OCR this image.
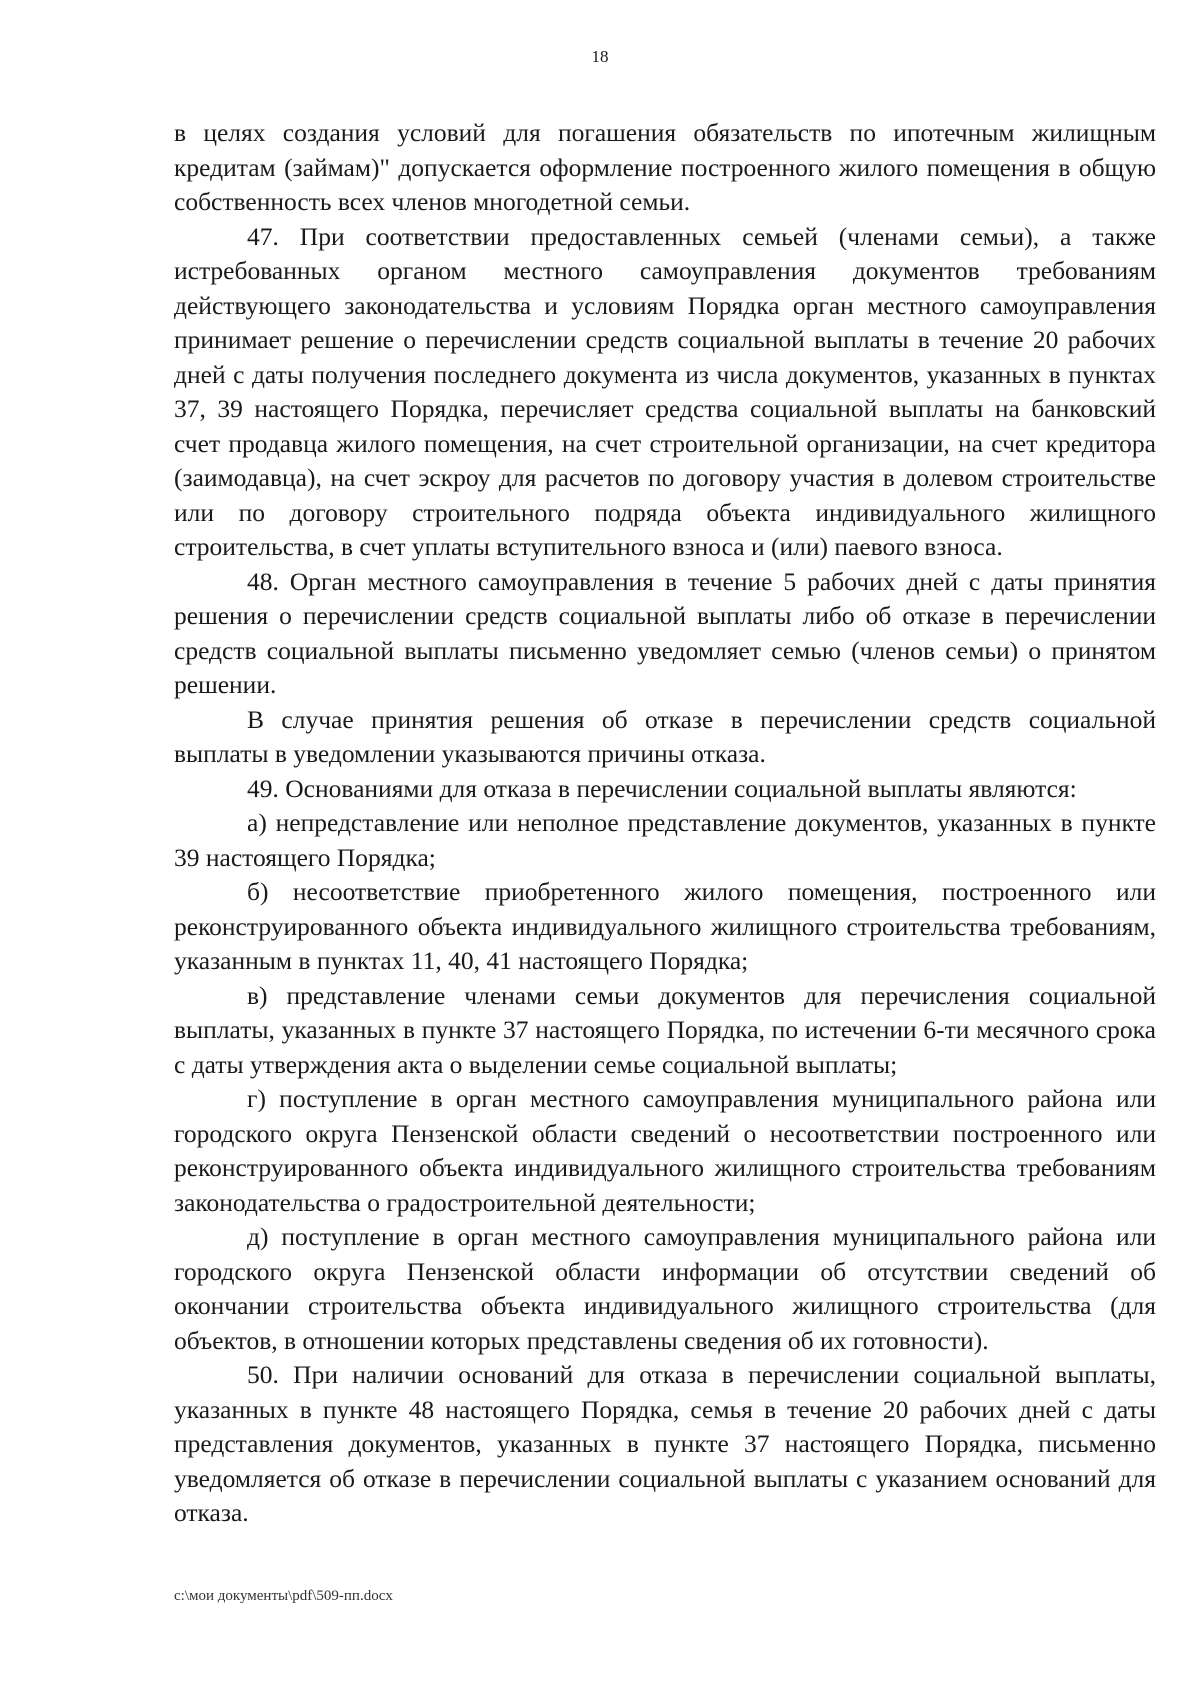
18

в целях создания условий для погашения обязательств по ипотечным жилищным кредитам (займам)" допускается оформление построенного жилого помещения в общую собственность всех членов многодетной семьи.

47. При соответствии предоставленных семьей (членами семьи), а также истребованных органом местного самоуправления документов требованиям действующего законодательства и условиям Порядка орган местного самоуправления принимает решение о перечислении средств социальной выплаты в течение 20 рабочих дней с даты получения последнего документа из числа документов, указанных в пунктах 37, 39 настоящего Порядка, перечисляет средства социальной выплаты на банковский счет продавца жилого помещения, на счет строительной организации, на счет кредитора (заимодавца), на счет эскроу для расчетов по договору участия в долевом строительстве или по договору строительного подряда объекта индивидуального жилищного строительства, в счет уплаты вступительного взноса и (или) паевого взноса.

48. Орган местного самоуправления в течение 5 рабочих дней с даты принятия решения о перечислении средств социальной выплаты либо об отказе в перечислении средств социальной выплаты письменно уведомляет семью (членов семьи) о принятом решении.

В случае принятия решения об отказе в перечислении средств социальной выплаты в уведомлении указываются причины отказа.

49. Основаниями для отказа в перечислении социальной выплаты являются:

а) непредставление или неполное представление документов, указанных в пункте 39 настоящего Порядка;

б) несоответствие приобретенного жилого помещения, построенного или реконструированного объекта индивидуального жилищного строительства требованиям, указанным в пунктах 11, 40, 41 настоящего Порядка;

в) представление членами семьи документов для перечисления социальной выплаты, указанных в пункте 37 настоящего Порядка, по истечении 6-ти месячного срока с даты утверждения акта о выделении семье социальной выплаты;

г) поступление в орган местного самоуправления муниципального района или городского округа Пензенской области сведений о несоответствии построенного или реконструированного объекта индивидуального жилищного строительства требованиям законодательства о градостроительной деятельности;

д) поступление в орган местного самоуправления муниципального района или городского округа Пензенской области информации об отсутствии сведений об окончании строительства объекта индивидуального жилищного строительства (для объектов, в отношении которых представлены сведения об их готовности).

50. При наличии оснований для отказа в перечислении социальной выплаты, указанных в пункте 48 настоящего Порядка, семья в течение 20 рабочих дней с даты представления документов, указанных в пункте 37 настоящего Порядка, письменно уведомляется об отказе в перечислении социальной выплаты с указанием оснований для отказа.

c:\мои документы\pdf\509-пп.docx
